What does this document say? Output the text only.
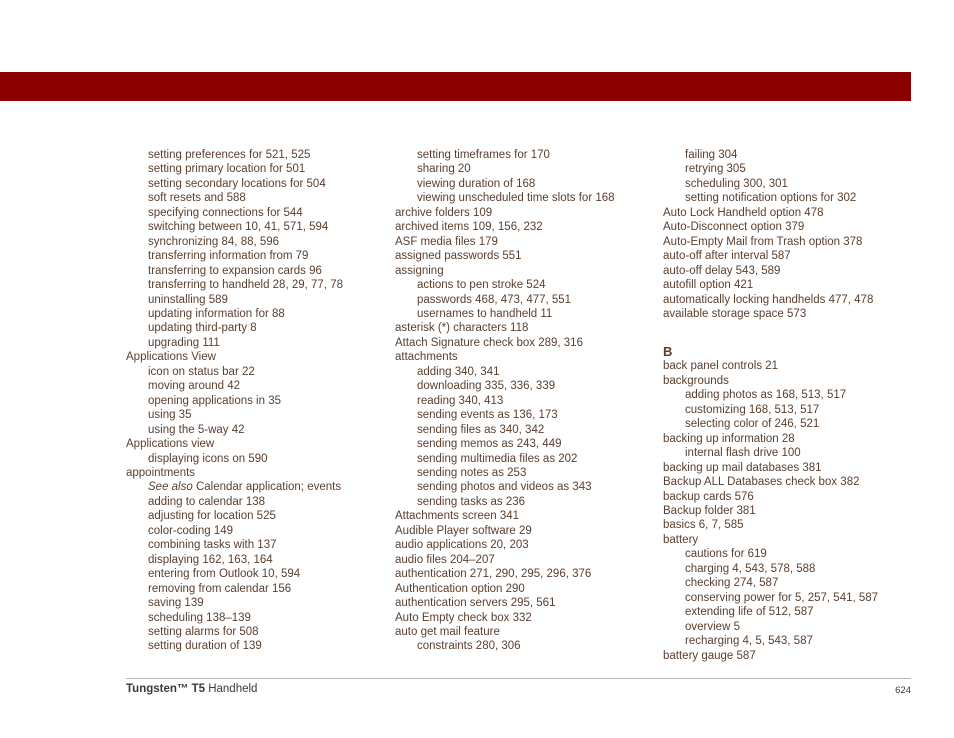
setting preferences for 521, 525
setting primary location for 501
setting secondary locations for 504
soft resets and 588
specifying connections for 544
switching between 10, 41, 571, 594
synchronizing 84, 88, 596
transferring information from 79
transferring to expansion cards 96
transferring to handheld 28, 29, 77, 78
uninstalling 589
updating information for 88
updating third-party 8
upgrading 111
Applications View
icon on status bar 22
moving around 42
opening applications in 35
using 35
using the 5-way 42
Applications view
displaying icons on 590
appointments
See also Calendar application; events
adding to calendar 138
adjusting for location 525
color-coding 149
combining tasks with 137
displaying 162, 163, 164
entering from Outlook 10, 594
removing from calendar 156
saving 139
scheduling 138–139
setting alarms for 508
setting duration of 139
setting timeframes for 170
sharing 20
viewing duration of 168
viewing unscheduled time slots for 168
archive folders 109
archived items 109, 156, 232
ASF media files 179
assigned passwords 551
assigning
actions to pen stroke 524
passwords 468, 473, 477, 551
usernames to handheld 11
asterisk (*) characters 118
Attach Signature check box 289, 316
attachments
adding 340, 341
downloading 335, 336, 339
reading 340, 413
sending events as 136, 173
sending files as 340, 342
sending memos as 243, 449
sending multimedia files as 202
sending notes as 253
sending photos and videos as 343
sending tasks as 236
Attachments screen 341
Audible Player software 29
audio applications 20, 203
audio files 204–207
authentication 271, 290, 295, 296, 376
Authentication option 290
authentication servers 295, 561
Auto Empty check box 332
auto get mail feature
constraints 280, 306
failing 304
retrying 305
scheduling 300, 301
setting notification options for 302
Auto Lock Handheld option 478
Auto-Disconnect option 379
Auto-Empty Mail from Trash option 378
auto-off after interval 587
auto-off delay 543, 589
autofill option 421
automatically locking handhelds 477, 478
available storage space 573
B
back panel controls 21
backgrounds
adding photos as 168, 513, 517
customizing 168, 513, 517
selecting color of 246, 521
backing up information 28
internal flash drive 100
backing up mail databases 381
Backup ALL Databases check box 382
backup cards 576
Backup folder 381
basics 6, 7, 585
battery
cautions for 619
charging 4, 543, 578, 588
checking 274, 587
conserving power for 5, 257, 541, 587
extending life of 512, 587
overview 5
recharging 4, 5, 543, 587
battery gauge 587
Tungsten™ T5 Handheld	624
